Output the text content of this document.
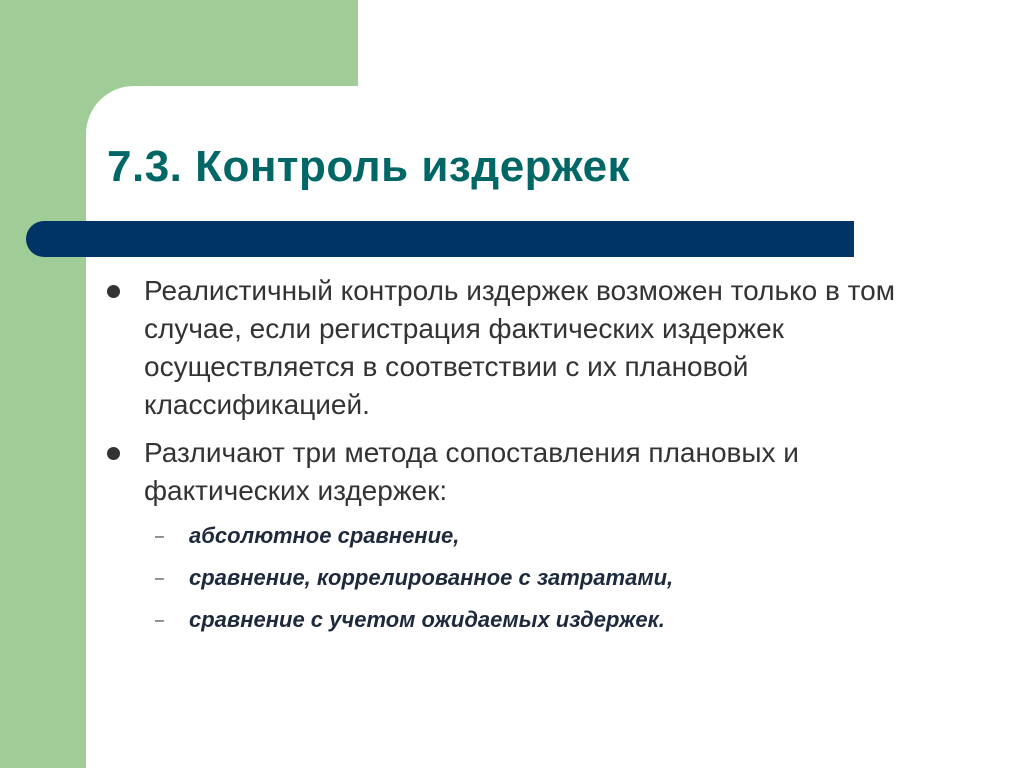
7.3. Контроль издержек
Реалистичный контроль издержек возможен только в том случае, если регистрация фактических издержек осуществляется в соответствии с их плановой классификацией.
Различают три метода сопоставления плановых и фактических издержек:
– абсолютное сравнение,
– сравнение, коррелированное с затратами,
– сравнение с учетом ожидаемых издержек.
